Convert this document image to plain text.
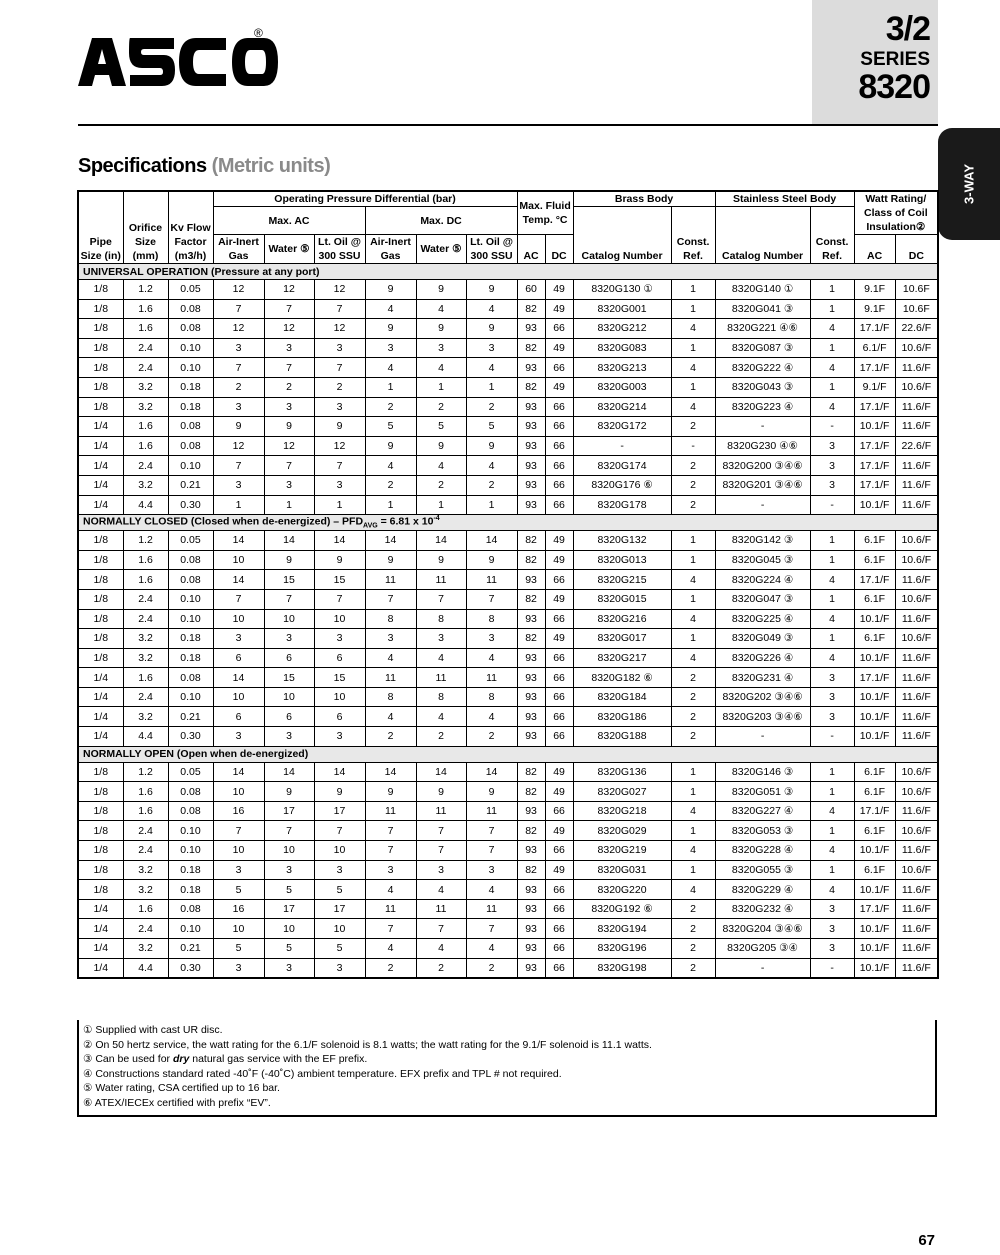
®	3/2
SERIES
8320
3-WAY
Specifications (Metric units)
Pipe Size (in)	Orifice Size (mm)	Kv Flow Factor (m3/h)	Operating Pressure Differential (bar)						Max. Fluid Temp. °C		Brass Body		Stainless Steel Body		Watt Rating/ Class of Coil Insulation②	
			Max. AC			Max. DC					Catalog Number	Const. Ref.	Catalog Number	Const. Ref.		
			Air-Inert Gas	Water ⑤	Lt. Oil @ 300 SSU	Air-Inert Gas	Water ⑤	Lt. Oil @ 300 SSU	AC	DC					AC	DC
UNIVERSAL OPERATION (Pressure at any port)																
1/8	1.2	0.05	12	12	12	9	9	9	60	49	8320G130 ①	1	8320G140 ①	1	9.1F	10.6F
1/8	1.6	0.08	7	7	7	4	4	4	82	49	8320G001	1	8320G041 ③	1	9.1F	10.6F
1/8	1.6	0.08	12	12	12	9	9	9	93	66	8320G212	4	8320G221 ④⑥	4	17.1/F	22.6/F
1/8	2.4	0.10	3	3	3	3	3	3	82	49	8320G083	1	8320G087 ③	1	6.1/F	10.6/F
1/8	2.4	0.10	7	7	7	4	4	4	93	66	8320G213	4	8320G222 ④	4	17.1/F	11.6/F
1/8	3.2	0.18	2	2	2	1	1	1	82	49	8320G003	1	8320G043 ③	1	9.1/F	10.6/F
1/8	3.2	0.18	3	3	3	2	2	2	93	66	8320G214	4	8320G223 ④	4	17.1/F	11.6/F
1/4	1.6	0.08	9	9	9	5	5	5	93	66	8320G172	2	-	-	10.1/F	11.6/F
1/4	1.6	0.08	12	12	12	9	9	9	93	66	-	-	8320G230 ④⑥	3	17.1/F	22.6/F
1/4	2.4	0.10	7	7	7	4	4	4	93	66	8320G174	2	8320G200 ③④⑥	3	17.1/F	11.6/F
1/4	3.2	0.21	3	3	3	2	2	2	93	66	8320G176 ⑥	2	8320G201 ③④⑥	3	17.1/F	11.6/F
1/4	4.4	0.30	1	1	1	1	1	1	93	66	8320G178	2	-	-	10.1/F	11.6/F
NORMALLY CLOSED (Closed when de-energized) – $PFD_{AVG} = 6.81$ x $10^{-4}$
1/8	1.2	0.05	14	14	14	14	14	14	82	49	8320G132	1	8320G142 ③	1	6.1F	10.6/F
1/8	1.6	0.08	10	9	9	9	9	9	82	49	8320G013	1	8320G045 ③	1	6.1F	10.6/F
1/8	1.6	0.08	14	15	15	11	11	11	93	66	8320G215	4	8320G224 ④	4	17.1/F	11.6/F
1/8	2.4	0.10	7	7	7	7	7	7	82	49	8320G015	1	8320G047 ③	1	6.1F	10.6/F
1/8	2.4	0.10	10	10	10	8	8	8	93	66	8320G216	4	8320G225 ④	4	10.1/F	11.6/F
1/8	3.2	0.18	3	3	3	3	3	3	82	49	8320G017	1	8320G049 ③	1	6.1F	10.6/F
1/8	3.2	0.18	6	6	6	4	4	4	93	66	8320G217	4	8320G226 ④	4	10.1/F	11.6/F
1/4	1.6	0.08	14	15	15	11	11	11	93	66	8320G182 ⑥	2	8320G231 ④	3	17.1/F	11.6/F
1/4	2.4	0.10	10	10	10	8	8	8	93	66	8320G184	2	8320G202 ③④⑥	3	10.1/F	11.6/F
1/4	3.2	0.21	6	6	6	4	4	4	93	66	8320G186	2	8320G203 ③④⑥	3	10.1/F	11.6/F
1/4	4.4	0.30	3	3	3	2	2	2	93	66	8320G188	2	-	-	10.1/F	11.6/F
NORMALLY OPEN (Open when de-energized)																
1/8	1.2	0.05	14	14	14	14	14	14	82	49	8320G136	1	8320G146 ③	1	6.1F	10.6/F
1/8	1.6	0.08	10	9	9	9	9	9	82	49	8320G027	1	8320G051 ③	1	6.1F	10.6/F
1/8	1.6	0.08	16	17	17	11	11	11	93	66	8320G218	4	8320G227 ④	4	17.1/F	11.6/F
1/8	2.4	0.10	7	7	7	7	7	7	82	49	8320G029	1	8320G053 ③	1	6.1F	10.6/F
1/8	2.4	0.10	10	10	10	7	7	7	93	66	8320G219	4	8320G228 ④	4	10.1/F	11.6/F
1/8	3.2	0.18	3	3	3	3	3	3	82	49	8320G031	1	8320G055 ③	1	6.1F	10.6/F
1/8	3.2	0.18	5	5	5	4	4	4	93	66	8320G220	4	8320G229 ④	4	10.1/F	11.6/F
1/4	1.6	0.08	16	17	17	11	11	11	93	66	8320G192 ⑥	2	8320G232 ④	3	17.1/F	11.6/F
1/4	2.4	0.10	10	10	10	7	7	7	93	66	8320G194	2	8320G204 ③④⑥	3	10.1/F	11.6/F
1/4	3.2	0.21	5	5	5	4	4	4	93	66	8320G196	2	8320G205 ③④	3	10.1/F	11.6/F
1/4	4.4	0.30	3	3	3	2	2	2	93	66	8320G198	2	-	-	10.1/F	11.6/F
① Supplied with cast UR disc.
② On 50 hertz service, the watt rating for the 6.1/F solenoid is 8.1 watts; the watt rating for the 9.1/F solenoid is 11.1 watts.
③ Can be used for dry natural gas service with the EF prefix.
④ Constructions standard rated -40˚F (-40˚C) ambient temperature. EFX prefix and TPL # not required.
⑤ Water rating, CSA certified up to 16 bar.
⑥ ATEX/IECEx certified with prefix “EV”.
67
